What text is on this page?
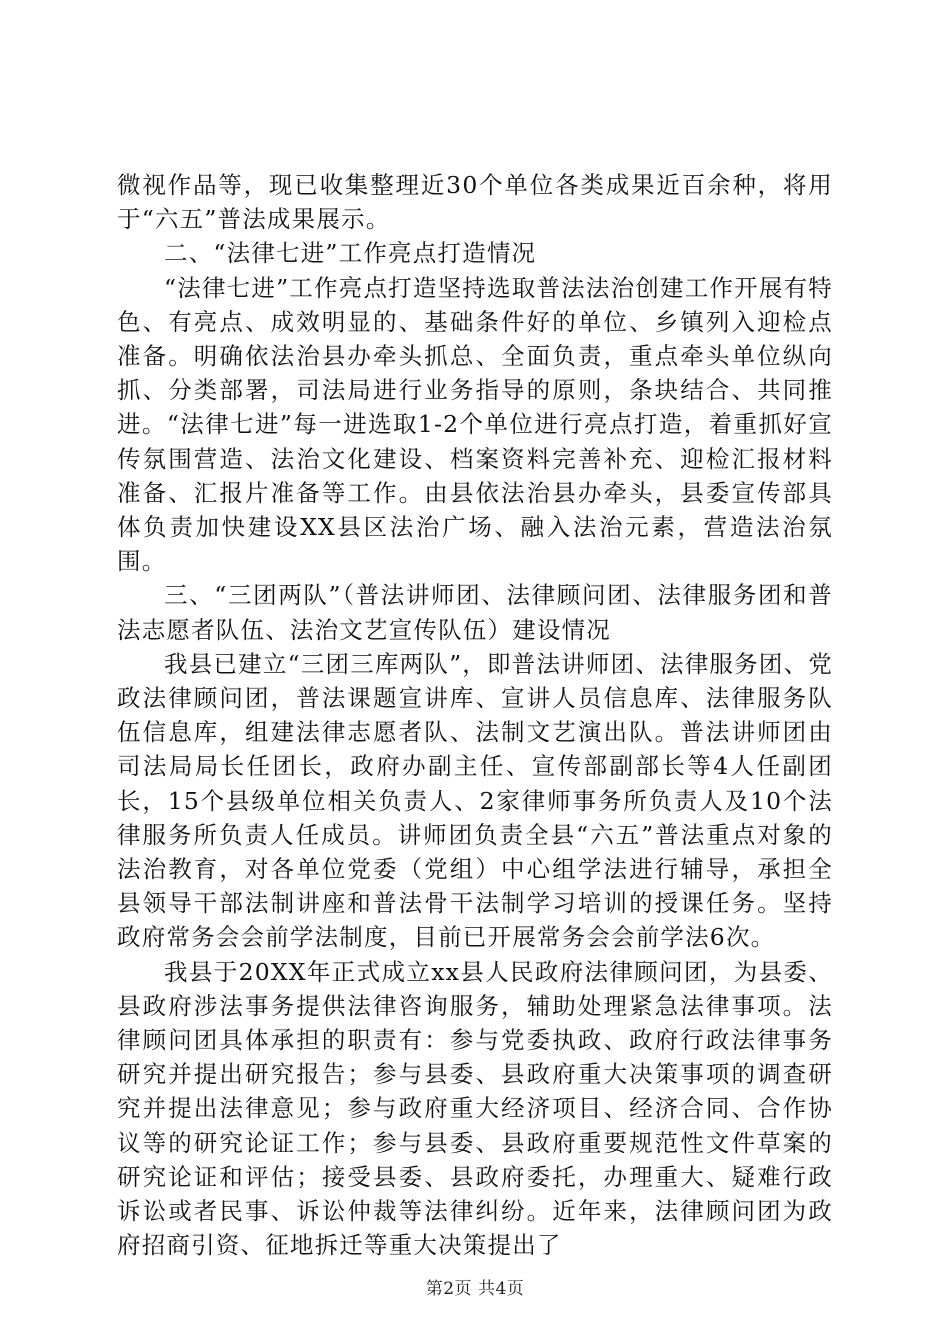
微视作品等，现已收集整理近30个单位各类成果近百余种，将用于“六五”普法成果展示。

二、“法律七进”工作亮点打造情况

“法律七进”工作亮点打造坚持选取普法法治创建工作开展有特色、有亮点、成效明显的、基础条件好的单位、乡镇列入迎检点准备。明确依法治县办牵头抓总、全面负责，重点牵头单位纵向抓、分类部署，司法局进行业务指导的原则，条块结合、共同推进。“法律七进”每一进选取1-2个单位进行亮点打造，着重抓好宣传氛围营造、法治文化建设、档案资料完善补充、迎检汇报材料准备、汇报片准备等工作。由县依法治县办牵头，县委宣传部具体负责加快建设XX县区法治广场、融入法治元素，营造法治氛围。

三、“三团两队”（普法讲师团、法律顾问团、法律服务团和普法志愿者队伍、法治文艺宣传队伍）建设情况

我县已建立“三团三库两队”，即普法讲师团、法律服务团、党政法律顾问团，普法课题宣讲库、宣讲人员信息库、法律服务队伍信息库，组建法律志愿者队、法制文艺演出队。普法讲师团由司法局局长任团长，政府办副主任、宣传部副部长等4人任副团长，15个县级单位相关负责人、2家律师事务所负责人及10个法律服务所负责人任成员。讲师团负责全县“六五”普法重点对象的法治教育，对各单位党委（党组）中心组学法进行辅导，承担全县领导干部法制讲座和普法骨干法制学习培训的授课任务。坚持政府常务会会前学法制度，目前已开展常务会会前学法6次。

我县于20XX年正式成立xx县人民政府法律顾问团，为县委、县政府涉法事务提供法律咨询服务，辅助处理紧急法律事项。法律顾问团具体承担的职责有：参与党委执政、政府行政法律事务研究并提出研究报告；参与县委、县政府重大决策事项的调查研究并提出法律意见；参与政府重大经济项目、经济合同、合作协议等的研究论证工作；参与县委、县政府重要规范性文件草案的研究论证和评估；接受县委、县政府委托，办理重大、疑难行政诉讼或者民事、诉讼仲裁等法律纠纷。近年来，法律顾问团为政府招商引资、征地拆迁等重大决策提出了

第2页 共4页
